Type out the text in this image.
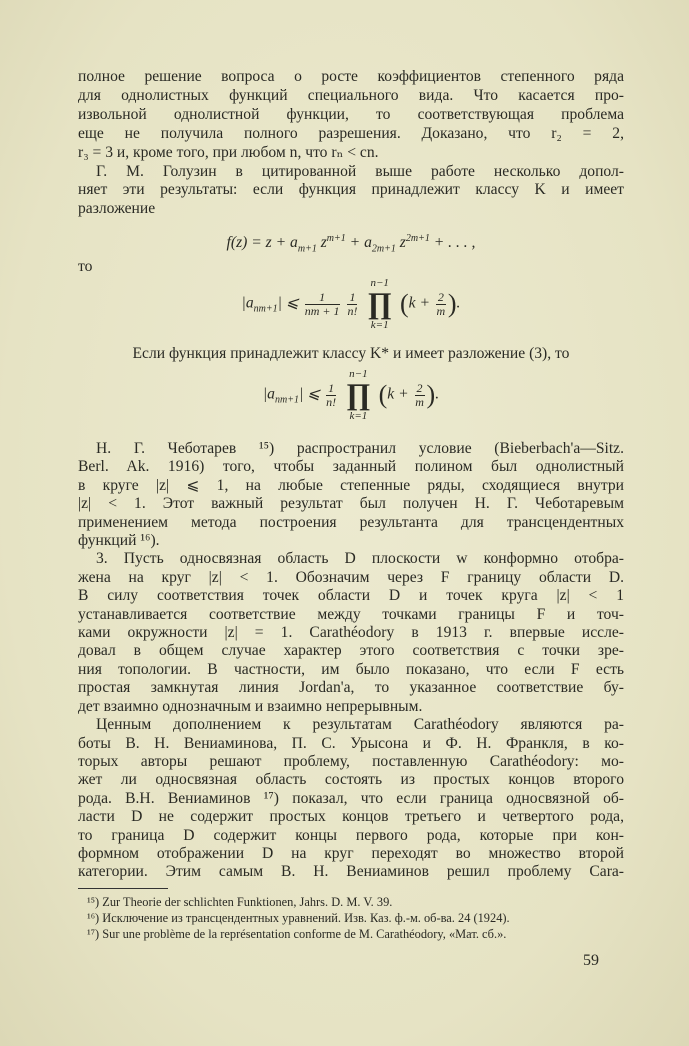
полное решение вопроса о росте коэффициентов степенного ряда
для однолистных функций специального вида. Что касается про-
извольной однолистной функции, то соответствующая проблема
еще не получила полного разрешения. Доказано, что r₂ = 2,
r₃ = 3 и, кроме того, при любом n, что rₙ < cn.
Г. М. Голузин в цитированной выше работе несколько допол-
няет эти результаты: если функция принадлежит классу K и имеет
разложение
$f(z) = z + a_{m+1}$ $z^{m+1} + a_{2m+1}$ $z^{2m+1}$ + . . . ,
то
$|a_{nm+1}|$ ⩽ $\frac{1}{nm + 1}$
$\frac{1}{n!}$

n−1
∏
k=1
($k + \frac{2}{m}$ ).
Если функция принадлежит классу K* и имеет разложение (3), то
$|a_{nm+1}|$ ⩽ $\frac{1}{n!}$

n−1
∏
k=1
($k + \frac{2}{m}$ ).
Н. Г. Чеботарев ¹⁵) распространил условие (Bieberbach'a—Sitz.
Berl. Ak. 1916) того, чтобы заданный полином был однолистный
в круге |z| ⩽ 1, на любые степенные ряды, сходящиеся внутри
|z| < 1. Этот важный результат был получен Н. Г. Чеботаревым
применением метода построения результанта для трансцендентных
функций ¹⁶).
3. Пусть односвязная область D плоскости w конформно отобра-
жена на круг |z| < 1. Обозначим через F границу области D.
В силу соответствия точек области D и точек круга |z| < 1
устанавливается соответствие между точками границы F и точ-
ками окружности |z| = 1. Carathéodory в 1913 г. впервые иссле-
довал в общем случае характер этого соответствия с точки зре-
ния топологии. В частности, им было показано, что если F есть
простая замкнутая линия Jordan'a, то указанное соответствие бу-
дет взаимно однозначным и взаимно непрерывным.
Ценным дополнением к результатам Carathéodory являются ра-
боты В. Н. Вениаминова, П. С. Урысона и Ф. Н. Франкля, в ко-
торых авторы решают проблему, поставленную Carathéodory: мо-
жет ли односвязная область состоять из простых концов второго
рода. В.Н. Вениаминов ¹⁷) показал, что если граница односвязной об-
ласти D не содержит простых концов третьего и четвертого рода,
то граница D содержит концы первого рода, которые при кон-
формном отображении D на круг переходят во множество второй
категории. Этим самым В. Н. Вениаминов решил проблему Cara-
¹⁵) Zur Theorie der schlichten Funktionen, Jahrs. D. M. V. 39.
¹⁶) Исключение из трансцендентных уравнений. Изв. Каз. ф.-м. об-ва. 24 (1924).
¹⁷) Sur une problème de la représentation conforme de M. Carathéodory, «Мат. сб.».
59
